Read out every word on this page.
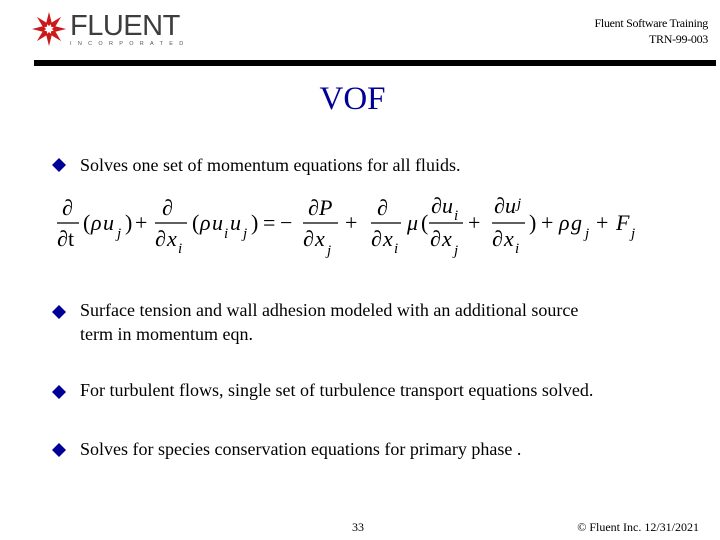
FLUENT
INCORPORATED
Fluent Software Training
TRN-99-003
VOF
Solves one set of momentum equations for all fluids.
∂
∂ t
( ρ u j ) +
∂
∂ x i
( ρ u i u j ) = −
∂ P
∂ x j
+
∂
∂ x i
μ (
∂ u i
∂ x j
+
∂ u j
∂ x i
) + ρ g j + F j
Surface tension and wall adhesion modeled with an additional source
term in momentum eqn.
For turbulent flows, single set of turbulence transport equations solved.
Solves for species conservation equations for primary phase .
33	© Fluent Inc. 12/31/2021
